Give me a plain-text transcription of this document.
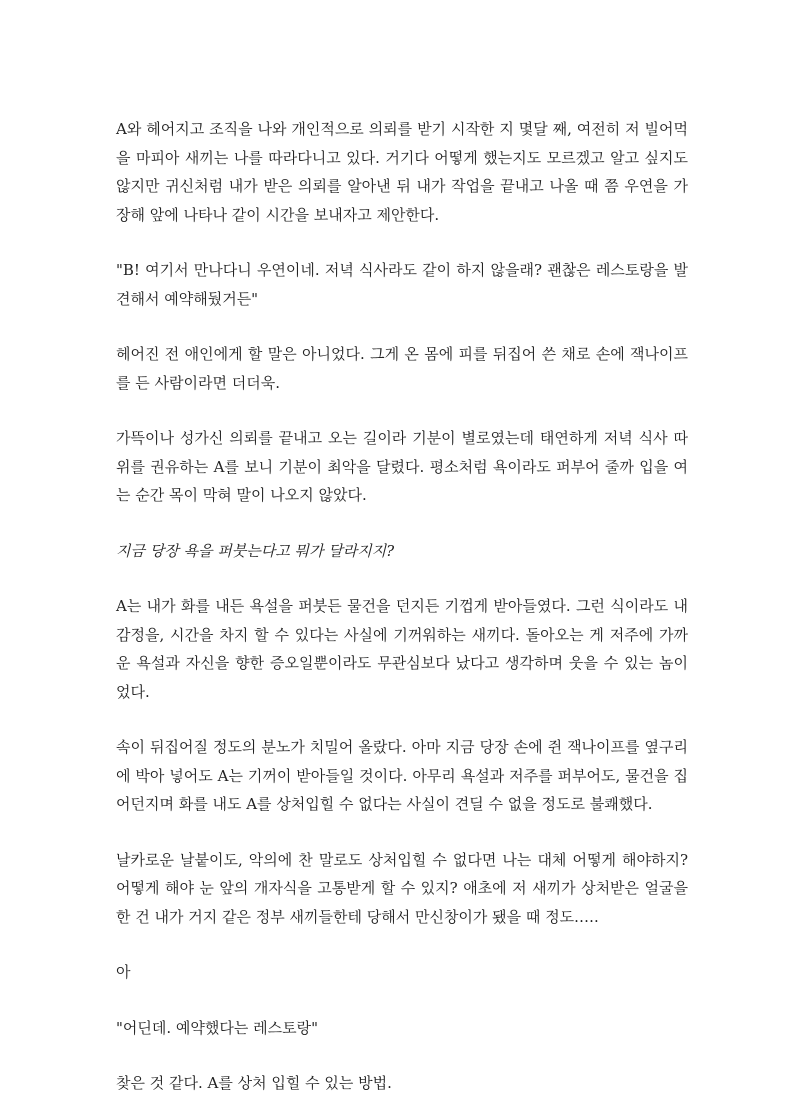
A와 헤어지고 조직을 나와 개인적으로 의뢰를 받기 시작한 지 몇달 째, 여전히 저 빌어먹을 마피아 새끼는 나를 따라다니고 있다. 거기다 어떻게 했는지도 모르겠고 알고 싶지도 않지만 귀신처럼 내가 받은 의뢰를 알아낸 뒤 내가 작업을 끝내고 나올 때 쯤 우연을 가장해 앞에 나타나 같이 시간을 보내자고 제안한다.

"B! 여기서 만나다니 우연이네. 저녁 식사라도 같이 하지 않을래? 괜찮은 레스토랑을 발견해서 예약해뒀거든"

헤어진 전 애인에게 할 말은 아니었다. 그게 온 몸에 피를 뒤집어 쓴 채로 손에 잭나이프를 든 사람이라면 더더욱.

가뜩이나 성가신 의뢰를 끝내고 오는 길이라 기분이 별로였는데 태연하게 저녁 식사 따위를 권유하는 A를 보니 기분이 최악을 달렸다. 평소처럼 욕이라도 퍼부어 줄까 입을 여는 순간 목이 막혀 말이 나오지 않았다.

지금 당장 욕을 퍼붓는다고 뭐가 달라지지?

A는 내가 화를 내든 욕설을 퍼붓든 물건을 던지든 기껍게 받아들였다. 그런 식이라도 내 감정을, 시간을 차지 할 수 있다는 사실에 기꺼워하는 새끼다. 돌아오는 게 저주에 가까운 욕설과 자신을 향한 증오일뿐이라도 무관심보다 났다고 생각하며 웃을 수 있는 놈이었다.

속이 뒤집어질 정도의 분노가 치밀어 올랐다. 아마 지금 당장 손에 쥔 잭나이프를 옆구리에 박아 넣어도 A는 기꺼이 받아들일 것이다. 아무리 욕설과 저주를 퍼부어도, 물건을 집어던지며 화를 내도 A를 상처입힐 수 없다는 사실이 견딜 수 없을 정도로 불쾌했다.

날카로운 날붙이도, 악의에 찬 말로도 상처입힐 수 없다면 나는 대체 어떻게 해야하지? 어떻게 해야 눈 앞의 개자식을 고통받게 할 수 있지? 애초에 저 새끼가 상처받은 얼굴을 한 건 내가 거지 같은 정부 새끼들한테 당해서 만신창이가 됐을 때 정도.….

아

"어딘데. 예약했다는 레스토랑"

찾은 것 같다. A를 상처 입힐 수 있는 방법.
